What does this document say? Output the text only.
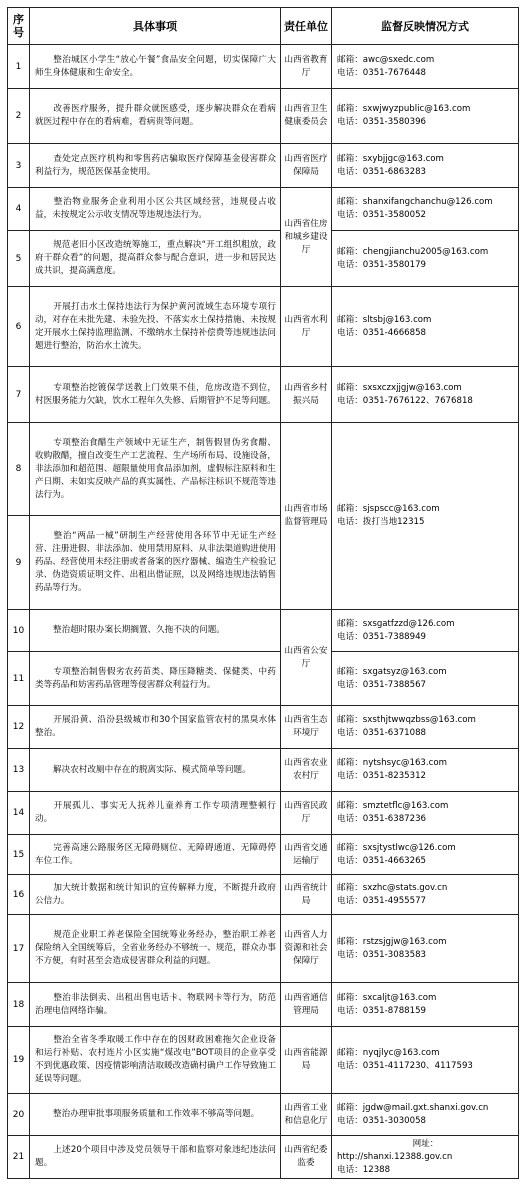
序号	具体事项	责任单位	监督反映情况方式
1	整治城区小学生“放心午餐”食品安全问题，切实保障广大师生身体健康和生命安全。	山西省教育厅	邮箱：awc@sxedc.com
电话：0351-7676448

2	改善医疗服务，提升群众就医感受，逐步解决群众在看病就医过程中存在的看病难，看病贵等问题。	山西省卫生健康委员会	邮箱：sxwjwyzpublic@163.com
电话：0351-3580396

3	查处定点医疗机构和零售药店骗取医疗保障基金侵害群众利益行为，规范医保基金使用。	山西省医疗保障局	邮箱：sxybjjgc@163.com
电话：0351-6863283

4	整治物业服务企业利用小区公共区域经营，违规侵占收益，未按规定公示收支情况等违规违法行为。	山西省住房和城乡建设厅	邮箱：shanxifangchanchu@126.com
电话：0351-3580052

5	规范老旧小区改造统筹施工，重点解决“开工组织粗放，政府干群众看”的问题，提高群众参与配合意识，进一步和居民达成共识，提高满意度。		邮箱：chengjianchu2005@163.com
电话：0351-3580179

6	开展打击水土保持违法行为保护黄河流域生态环境专项行动，对存在未批先建、未验先投、不落实水土保持措施、未按规定开展水土保持监理监测、不缴纳水土保持补偿费等违规违法问题进行整治，防治水土流失。	山西省水利厅	邮箱：sltsbj@163.com
电话：0351-4666858

7	专项整治挖镀保学送教上门效果不佳，危房改造不到位，村医服务能力欠缺，饮水工程年久失修、后期管护不足等问题。	山西省乡村振兴局	邮箱：sxsxczxjjgjw@163.com
电话：0351-7676122、7676818

8	专项整治食醋生产领域中无证生产，制售假冒伪劣食醋、收购散醋，擅自改变生产工艺流程、生产场所布局、设施设备，非法添加和超范围、超限量使用食品添加剂，虚假标注原料和生产日期、未如实反映产品的真实属性、产品标注标识不规范等违法行为。	山西省市场监督管理局	邮箱：sjspscc@163.com
电话：拨打当地12315

9	整治“两品一械”研制生产经营使用各环节中无证生产经营、注册进假、非法添加、使用禁用原料、从非法渠道购进使用药品、经营使用未经注册或者备案的医疗器械、编造生产检验记录、伪造资质证明文件、出租出借证照，以及网络违规违法销售药品等行为。		
10	整治超时限办案长期搁置、久拖不决的问题。	山西省公安厅	邮箱：sxsgatfzzd@126.com
电话：0351-7388949

11	专项整治制售假劣农药苗类、降压降糖类、保健类、中药类等药品和妨害药品管理等侵害群众利益行为。		邮箱：sxgatsyz@163.com
电话：0351-7388567

12	开展沿黄、沿汾县级城市和30个国家监管农村的黑臭水体整治。	山西省生态环境厅	邮箱：sxsthjtwwqzbss@163.com
电话：0351-6371088

13	解决农村改厕中存在的脱离实际、模式简单等问题。	山西省农业农村厅	邮箱：nytshsyc@163.com
电话：0351-8235312

14	开展孤儿、事实无人抚养儿童养育工作专项清理整顿行动。	山西省民政厅	邮箱：smztetflc@163.com
电话：0351-6387236

15	完善高速公路服务区无障碍厕位、无障碍通道、无障碍停车位工作。	山西省交通运输厅	邮箱：sxsjtystlwc@126.com
电话：0351-4663265

16	加大统计数据和统计知识的宣传解释力度，不断提升政府公信力。	山西省统计局	邮箱：sxzhc@stats.gov.cn
电话：0351-4955577

17	规范企业职工养老保险全国统筹业务经办，整治职工养老保险纳入全国统筹后，全省业务经办不够统一、规范，群众办事不方便，有时甚至会造成侵害群众利益的问题。	山西省人力资源和社会保障厅	邮箱：rstzsjgjw@163.com
电话：0351-3083583

18	整治非法倒卖、出租出售电话卡、物联网卡等行为，防范治理电信网络诈骗。	山西省通信管理局	邮箱：sxcaljt@163.com
电话：0351-8788159

19	整治全省冬季取暖工作中存在的因财政困难拖欠企业设备和运行补贴、农村连片小区实施“煤改电”BOT项目的企业享受不到优惠政策、因疫情影响清洁取暖改造确村确户工作导致施工延误等问题。	山西省能源局	邮箱：nyqjlyc@163.com
电话：0351-4117230、4117593

20	整治办理审批事项服务质量和工作效率不够高等问题。	山西省工业和信息化厅	邮箱：jgdw@mail.gxt.shanxi.gov.cn
电话：0351-3030058

21	上述20个项目中涉及党员领导干部和监察对象违纪违法问题。	山西省纪委监委	网址：
http://shanxi.12388.gov.cn
电话：12388
